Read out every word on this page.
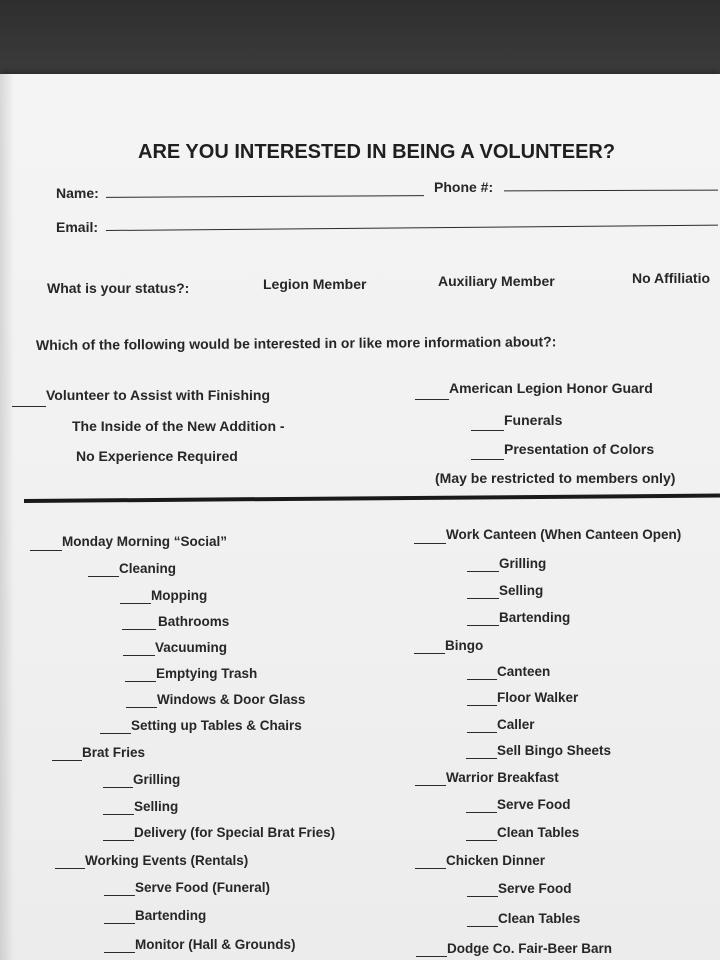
ARE YOU INTERESTED IN BEING A VOLUNTEER?
Name:	Phone #:
Email:
What is your status?:	Legion Member	Auxiliary Member	No Affiliatio
Which of the following would be interested in or like more information about?:
Volunteer to Assist with Finishing
The Inside of the New Addition -
No Experience Required
American Legion Honor Guard
Funerals
Presentation of Colors
(May be restricted to members only)
Monday Morning “Social”
Cleaning
Mopping
Bathrooms
Vacuuming
Emptying Trash
Windows & Door Glass
Setting up Tables & Chairs
Brat Fries
Grilling
Selling
Delivery (for Special Brat Fries)
Working Events (Rentals)
Serve Food (Funeral)
Bartending
Monitor (Hall & Grounds)
Work Canteen (When Canteen Open)
Grilling
Selling
Bartending
Bingo
Canteen
Floor Walker
Caller
Sell Bingo Sheets
Warrior Breakfast
Serve Food
Clean Tables
Chicken Dinner
Serve Food
Clean Tables
Dodge Co. Fair-Beer Barn
